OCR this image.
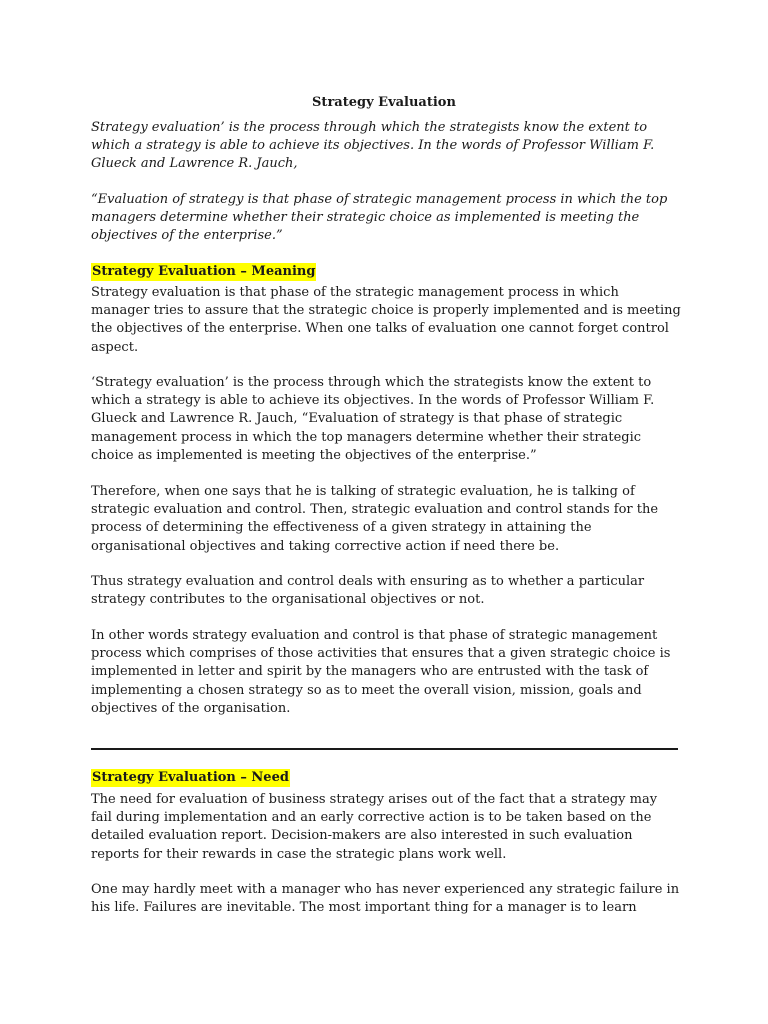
Strategy Evaluation

Strategy evaluation’ is the process through which the strategists know the extent to which a strategy is able to achieve its objectives. In the words of Professor William F. Glueck and Lawrence R. Jauch,

“Evaluation of strategy is that phase of strategic management process in which the top managers determine whether their strategic choice as implemented is meeting the objectives of the enterprise.”

Strategy Evaluation – Meaning

Strategy evaluation is that phase of the strategic management process in which manager tries to assure that the strategic choice is properly implemented and is meeting the objectives of the enterprise. When one talks of evaluation one cannot forget control aspect.

‘Strategy evaluation’ is the process through which the strategists know the extent to which a strategy is able to achieve its objectives. In the words of Professor William F. Glueck and Lawrence R. Jauch, “Evaluation of strategy is that phase of strategic management process in which the top managers determine whether their strategic choice as implemented is meeting the objectives of the enterprise.”

Therefore, when one says that he is talking of strategic evaluation, he is talking of strategic evaluation and control. Then, strategic evaluation and control stands for the process of determining the effectiveness of a given strategy in attaining the organisational objectives and taking corrective action if need there be.

Thus strategy evaluation and control deals with ensuring as to whether a particular strategy contributes to the organisational objectives or not.

In other words strategy evaluation and control is that phase of strategic management process which comprises of those activities that ensures that a given strategic choice is implemented in letter and spirit by the managers who are entrusted with the task of implementing a chosen strategy so as to meet the overall vision, mission, goals and objectives of the organisation.

Strategy Evaluation – Need

The need for evaluation of business strategy arises out of the fact that a strategy may fail during implementation and an early corrective action is to be taken based on the detailed evaluation report. Decision-makers are also interested in such evaluation reports for their rewards in case the strategic plans work well.

One may hardly meet with a manager who has never experienced any strategic failure in his life. Failures are inevitable. The most important thing for a manager is to learn
